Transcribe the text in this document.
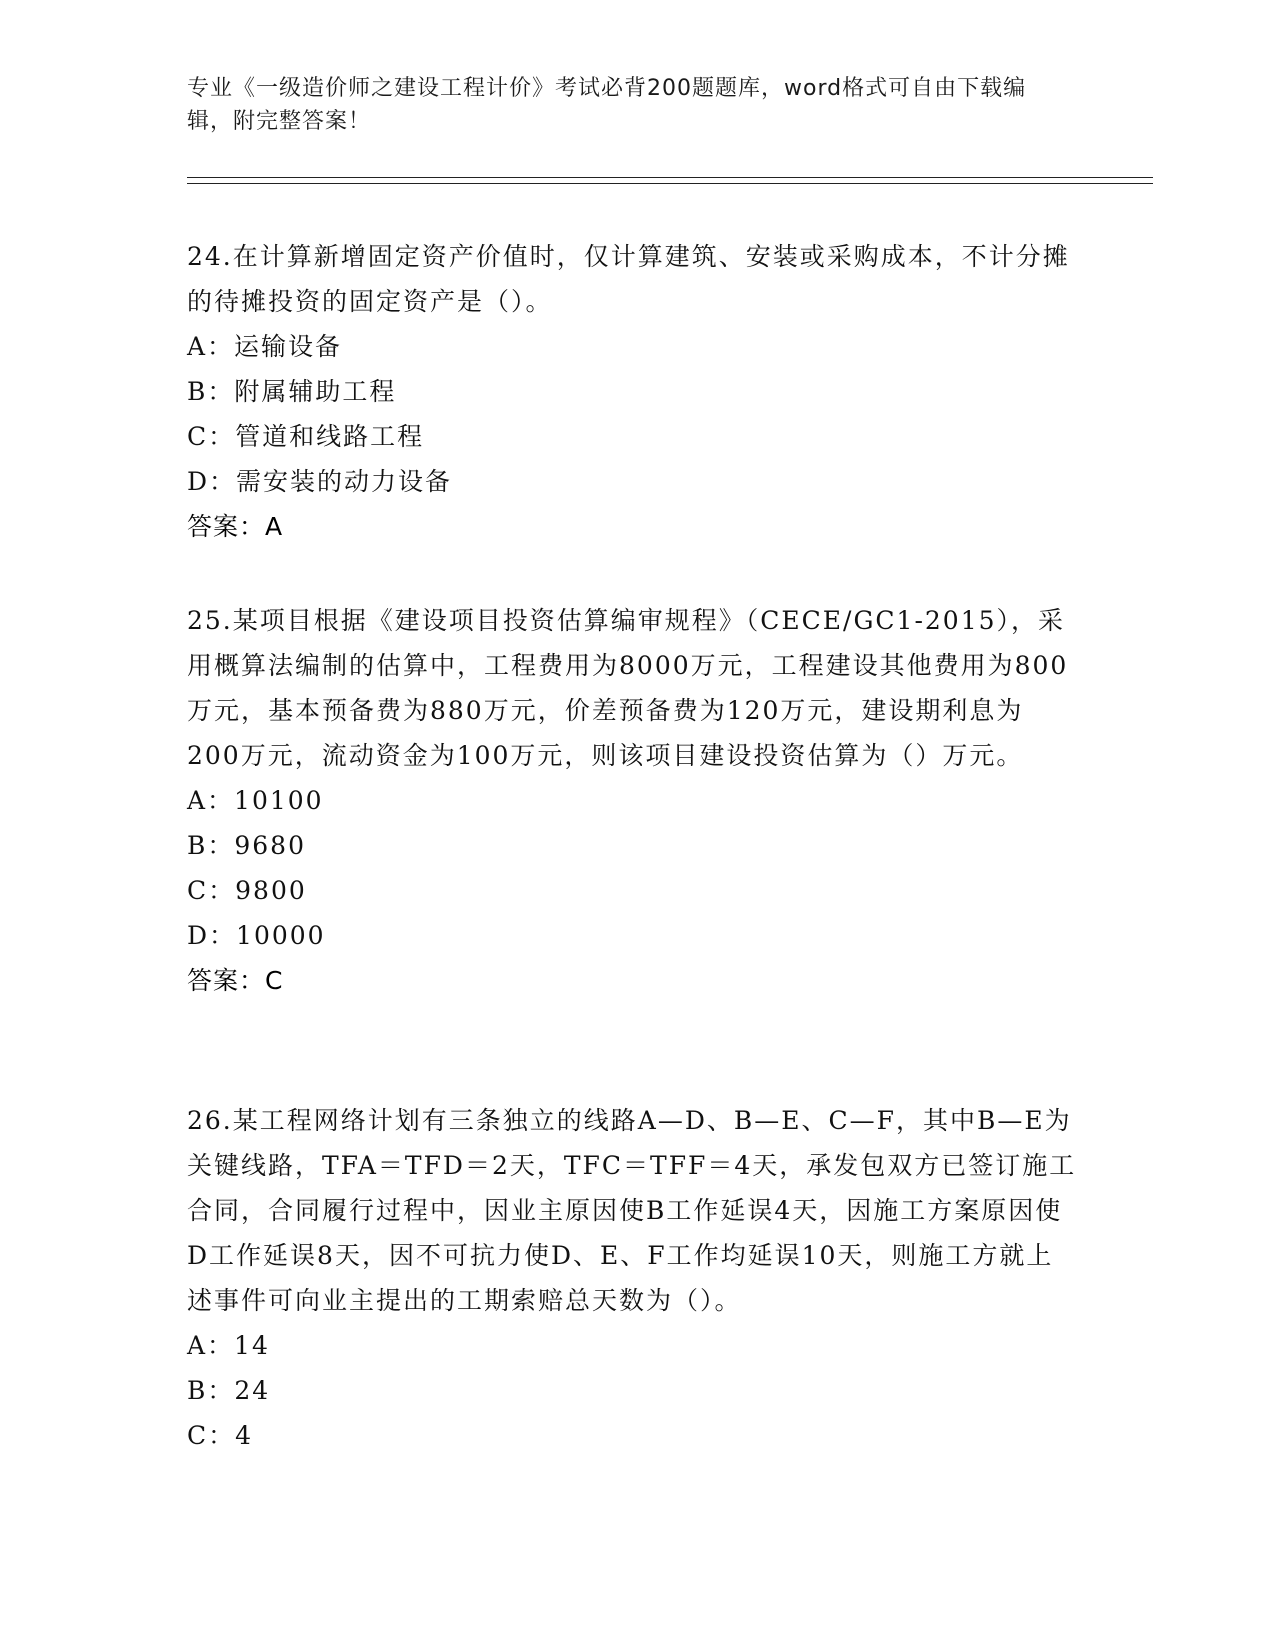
专业《一级造价师之建设工程计价》考试必背200题题库，word格式可自由下载编辑，附完整答案！

24.在计算新增固定资产价值时，仅计算建筑、安装或采购成本，不计分摊的待摊投资的固定资产是（）。

A：运输设备

B：附属辅助工程

C：管道和线路工程

D：需安装的动力设备

答案：A

25.某项目根据《建设项目投资估算编审规程》（CECE/GC1-2015），采用概算法编制的估算中，工程费用为8000万元，工程建设其他费用为800万元，基本预备费为880万元，价差预备费为120万元，建设期利息为200万元，流动资金为100万元，则该项目建设投资估算为（）万元。

A：10100

B：9680

C：9800

D：10000

答案：C

26.某工程网络计划有三条独立的线路A—D、B—E、C—F，其中B—E为关键线路，TFA＝TFD＝2天，TFC＝TFF＝4天，承发包双方已签订施工合同，合同履行过程中，因业主原因使B工作延误4天，因施工方案原因使D工作延误8天，因不可抗力使D、E、F工作均延误10天，则施工方就上述事件可向业主提出的工期索赔总天数为（）。

A：14

B：24

C：4
